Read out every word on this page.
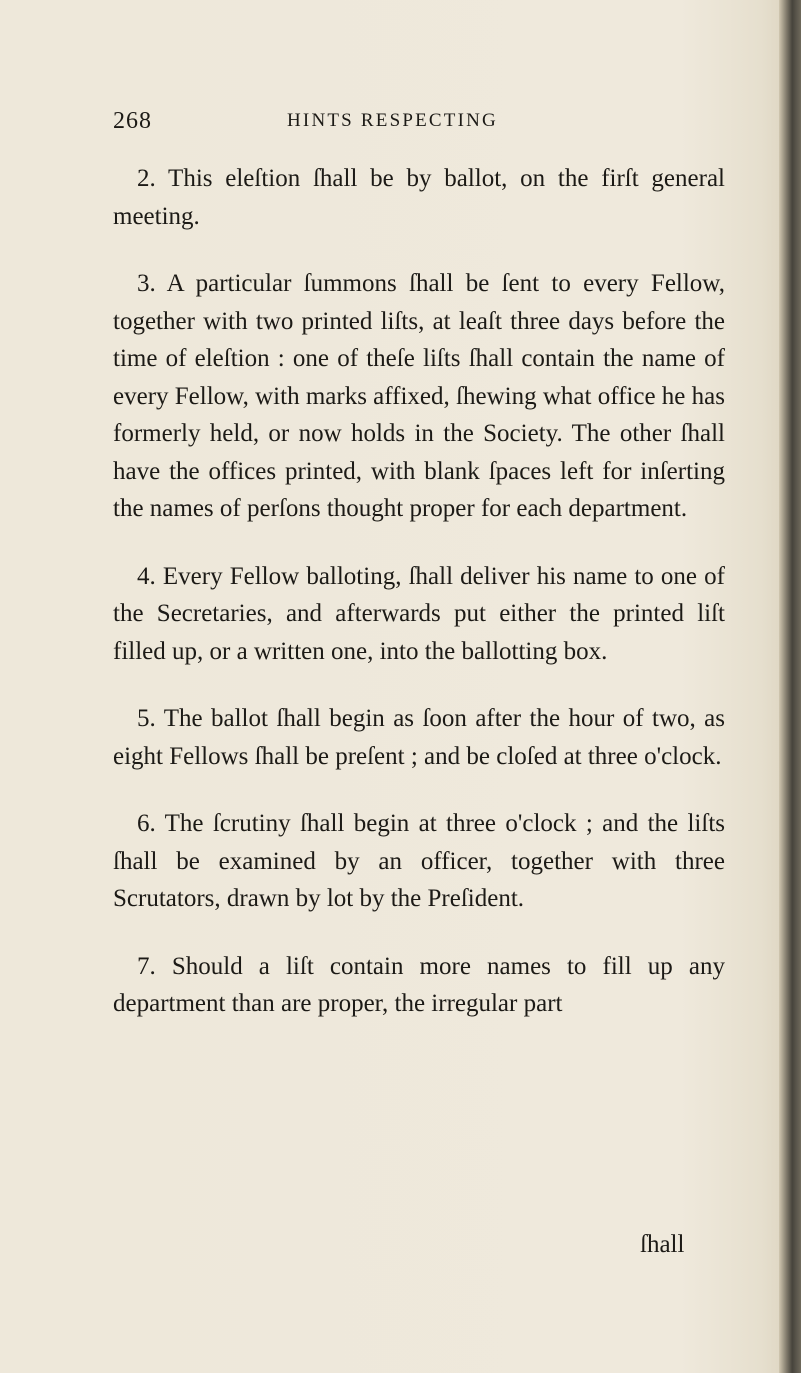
268	HINTS RESPECTING

2. This eleſtion ſhall be by ballot, on the firſt general meeting.

3. A particular ſummons ſhall be ſent to every Fellow, together with two printed liſts, at leaſt three days before the time of eleſtion : one of theſe liſts ſhall contain the name of every Fellow, with marks affixed, ſhewing what office he has formerly held, or now holds in the Society. The other ſhall have the offices printed, with blank ſpaces left for inſerting the names of perſons thought proper for each department.

4. Every Fellow balloting, ſhall deliver his name to one of the Secretaries, and afterwards put either the printed liſt filled up, or a written one, into the ballotting box.

5. The ballot ſhall begin as ſoon after the hour of two, as eight Fellows ſhall be preſent ; and be cloſed at three o'clock.

6. The ſcrutiny ſhall begin at three o'clock ; and the liſts ſhall be examined by an officer, together with three Scrutators, drawn by lot by the Preſident.

7. Should a liſt contain more names to fill up any department than are proper, the irregular part

ſhall
